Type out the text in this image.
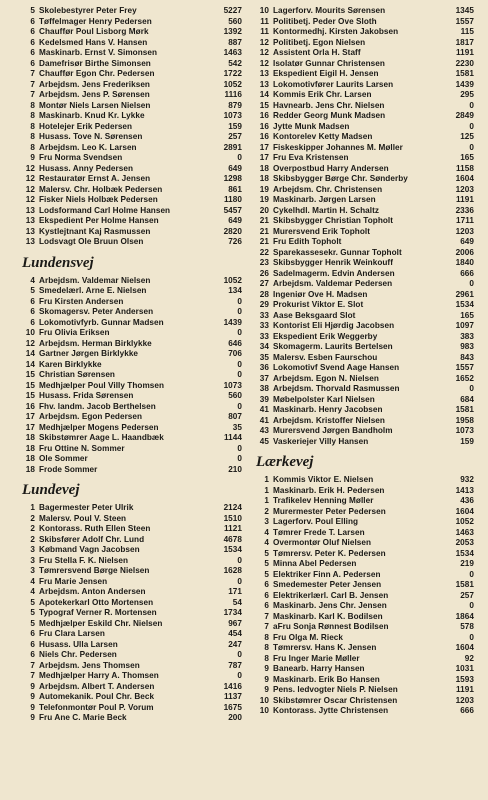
5 Skolebestyrer Peter Frey	5227
6 Tøffelmager Henry Pedersen	560
6 Chauffør Poul Lisborg Mørk	1392
6 Kedelsmed Hans V. Hansen	887
6 Maskinarb. Ernst V. Simonsen	1463
6 Damefrisør Birthe Simonsen	542
7 Chauffør Egon Chr. Pedersen	1722
7 Arbejdsm. Jens Frederiksen	1052
7 Arbejdsm. Jens P. Sørensen	1116
8 Montør Niels Larsen Nielsen	879
8 Maskinarb. Knud Kr. Lykke	1073
8 Hotelejer Erik Pedersen	159
8 Husass. Tove N. Sørensen	257
8 Arbejdsm. Leo K. Larsen	2891
9 Fru Norma Svendsen	0
12 Husass. Anny Pedersen	649
12 Restauratør Ernst A. Jensen	1298
12 Malersv. Chr. Holbæk Pedersen	861
12 Fisker Niels Holbæk Pedersen	1180
13 Lodsformand Carl Holme Hansen	5457
13 Ekspedient Per Holme Hansen	649
13 Kystlejtnant Kaj Rasmussen	2820
13 Lodsvagt Ole Bruun Olsen	726
Lundensvej
4 Arbejdsm. Valdemar Nielsen	1052
5 Smedelærl. Arne E. Nielsen	134
6 Fru Kirsten Andersen	0
6 Skomagersv. Peter Andersen	0
6 Lokomotivfyrb. Gunnar Madsen	1439
10 Fru Olivia Eriksen	0
12 Arbejdsm. Herman Birklykke	646
14 Gartner Jørgen Birklykke	706
14 Karen Birklykke	0
15 Christian Sørensen	0
15 Medhjælper Poul Villy Thomsen	1073
15 Husass. Frida Sørensen	560
16 Fhv. landm. Jacob Berthelsen	0
17 Arbejdsm. Egon Pedersen	807
17 Medhjælper Mogens Pedersen	35
18 Skibstømrer Aage L. Haandbæk	1144
18 Fru Ottine N. Sommer	0
18 Ole Sommer	0
18 Frode Sommer	210
Lundevej
1 Bagermester Peter Ulrik	2124
2 Malersv. Poul V. Steen	1510
2 Kontorass. Ruth Ellen Steen	1121
2 Skibsfører Adolf Chr. Lund	4678
3 Købmand Vagn Jacobsen	1534
3 Fru Stella F. K. Nielsen	0
3 Tømrersvend Børge Nielsen	1628
4 Fru Marie Jensen	0
4 Arbejdsm. Anton Andersen	171
5 Apotekerkarl Otto Mortensen	54
5 Typograf Verner R. Mortensen	1734
5 Medhjælper Eskild Chr. Nielsen	967
6 Fru Clara Larsen	454
6 Husass. Ulla Larsen	247
6 Niels Chr. Pedersen	0
7 Arbejdsm. Jens Thomsen	787
7 Medhjælper Harry A. Thomsen	0
9 Arbejdsm. Albert T. Andersen	1416
9 Automekanik. Poul Chr. Beck	1137
9 Telefonmontør Poul P. Vorum	1675
9 Fru Ane C. Marie Beck	200
10 Lagerforv. Mourits Sørensen	1345
11 Politibetj. Peder Ove Sloth	1557
11 Kontormedhj. Kirsten Jakobsen	115
12 Politibetj. Egon Nielsen	1817
12 Assistent Orla H. Staff	1191
12 Isolatør Gunnar Christensen	2230
13 Ekspedient Eigil H. Jensen	1581
13 Lokomotivfører Laurits Larsen	1439
14 Kommis Erik Chr. Larsen	295
15 Havnearb. Jens Chr. Nielsen	0
16 Redder Georg Munk Madsen	2849
16 Jytte Munk Madsen	0
16 Kontorelev Ketty Madsen	125
17 Fiskeskipper Johannes M. Møller	0
17 Fru Eva Kristensen	165
18 Overpostbud Harry Andersen	1158
18 Skibsbygger Børge Chr. Sønderby	1604
19 Arbejdsm. Chr. Christensen	1203
19 Maskinarb. Jørgen Larsen	1191
20 Cykelhdl. Martin H. Schaltz	2336
21 Skibsbygger Christian Topholt	1711
21 Murersvend Erik Topholt	1203
21 Fru Edith Topholt	649
22 Sparekassesekr. Gunnar Topholt	2006
23 Skibsbygger Henrik Weinkouff	1840
26 Sadelmagerm. Edvin Andersen	666
27 Arbejdsm. Valdemar Pedersen	0
28 Ingeniør Ove H. Madsen	2961
29 Prokurist Viktor E. Slot	1534
33 Aase Beksgaard Slot	165
33 Kontorist Eli Hjørdig Jacobsen	1097
33 Ekspedient Erik Weggerby	383
34 Skomagerm. Laurits Bertelsen	983
35 Malersv. Esben Faurschou	843
36 Lokomotivf Svend Aage Hansen	1557
37 Arbejdsm. Egon N. Nielsen	1652
38 Arbejdsm. Thorvald Rasmussen	0
39 Møbelpolster Karl Nielsen	684
41 Maskinarb. Henry Jacobsen	1581
41 Arbejdsm. Kristoffer Nielsen	1958
43 Murersvend Jørgen Bandholm	1073
45 Vaskeriejer Villy Hansen	159
Lærkevej
1 Kommis Viktor E. Nielsen	932
1 Maskinarb. Erik H. Pedersen	1413
1 Trafikelev Henning Møller	436
2 Murermester Peter Pedersen	1604
3 Lagerforv. Poul Elling	1052
4 Tømrer Frede T. Larsen	1463
4 Overmontør Oluf Nielsen	2053
5 Tømrersv. Peter K. Pedersen	1534
5 Minna Abel Pedersen	219
5 Elektriker Finn A. Pedersen	0
6 Smedemester Peter Jensen	1581
6 Elektrikerlærl. Carl B. Jensen	257
6 Maskinarb. Jens Chr. Jensen	0
7 Maskinarb. Karl K. Bodilsen	1864
7 aFru Sonja Rønnest Bodilsen	578
8 Fru Olga M. Rieck	0
8 Tømrersv. Hans K. Jensen	1604
8 Fru Inger Marie Møller	92
9 Banearb. Harry Hansen	1031
9 Maskinarb. Erik Bo Hansen	1593
9 Pens. ledvogter Niels P. Nielsen	1191
10 Skibstømrer Oscar Christensen	1203
10 Kontorass. Jytte Christensen	666
